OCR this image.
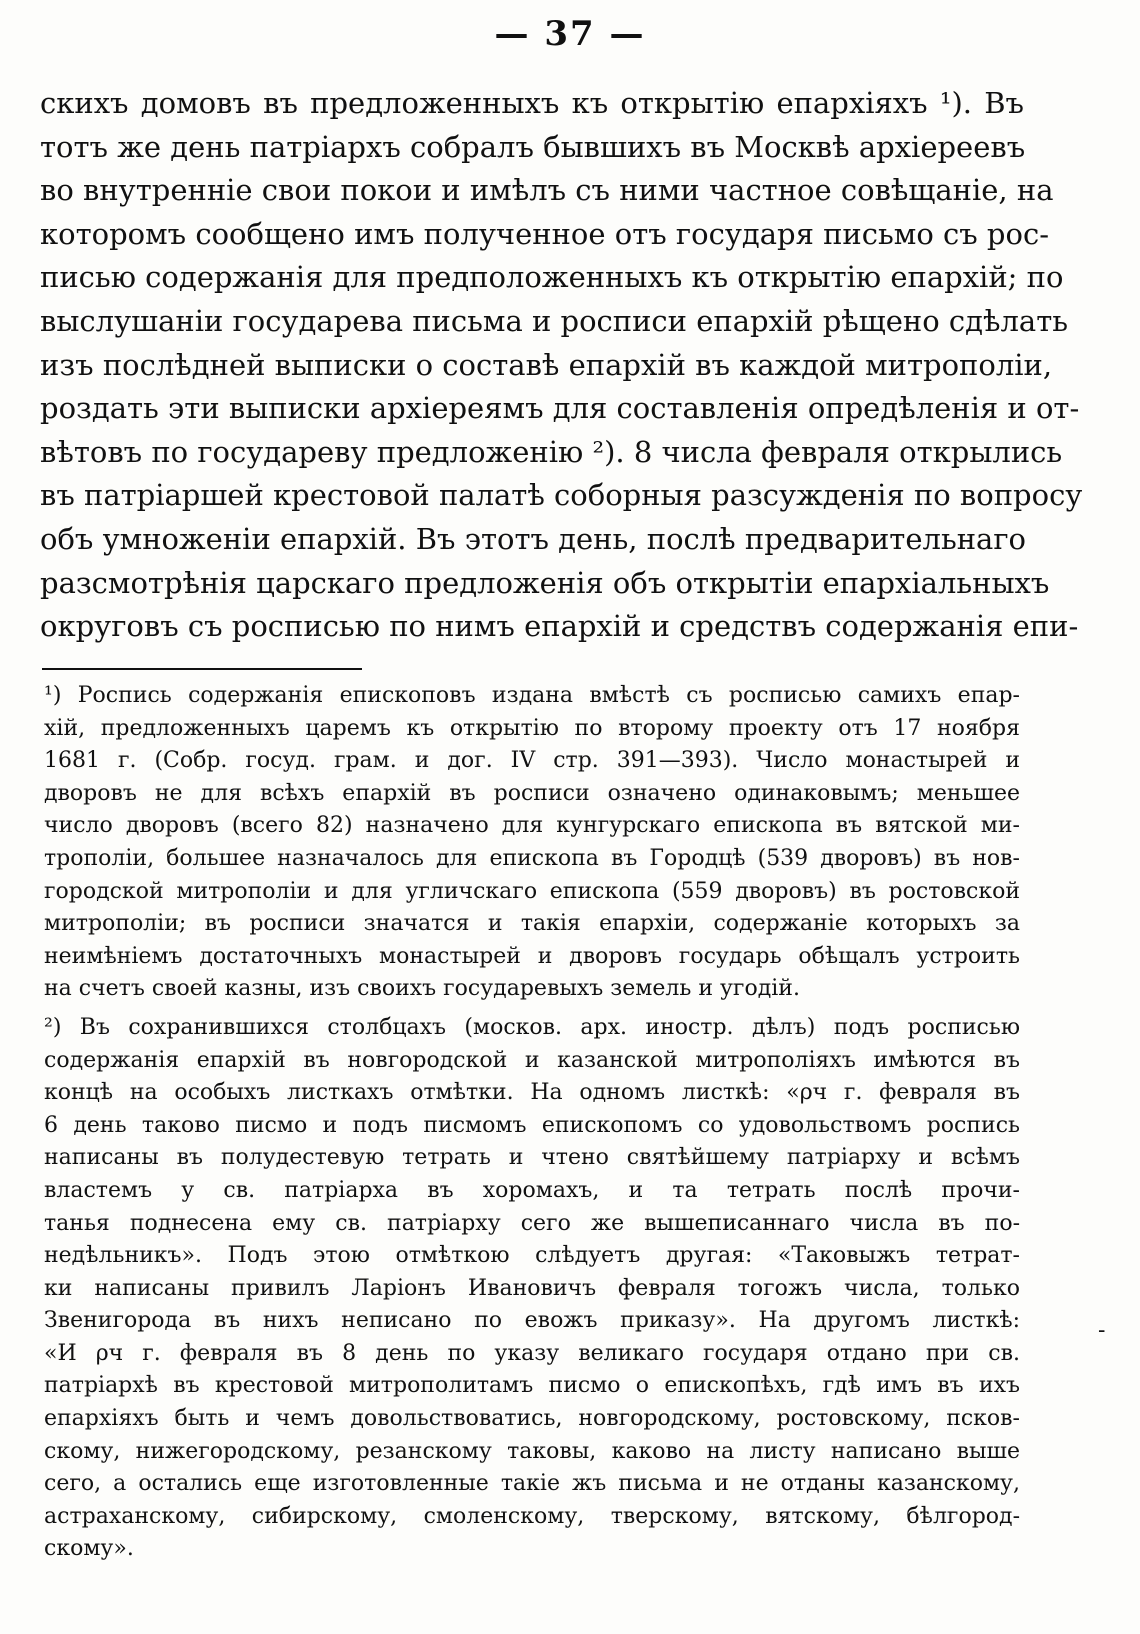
— 37 —
скихъ домовъ въ предложенныхъ къ открытію епархіяхъ ¹). Въ
тотъ же день патріархъ собралъ бывшихъ въ Москвѣ архіереевъ
во внутренніе свои покои и имѣлъ съ ними частное совѣщаніе, на
которомъ сообщено имъ полученное отъ государя письмо съ рос-
писью содержанія для предположенныхъ къ открытію епархій; по
выслушаніи государева письма и росписи епархій рѣщено сдѣлать
изъ послѣдней выписки о составѣ епархій въ каждой митрополіи,
роздать эти выписки архіереямъ для составленія опредѣленія и от-
вѣтовъ по государеву предложенію ²). 8 числа февраля открылись
въ патріаршей крестовой палатѣ соборныя разсужденія по вопросу
объ умноженіи епархій. Въ этотъ день, послѣ предварительнаго
разсмотрѣнія царскаго предложенія объ открытіи епархіальныхъ
округовъ съ росписью по нимъ епархій и средствъ содержанія епи-
¹) Роспись содержанія епископовъ издана вмѣстѣ съ росписью самихъ епар-
хій, предложенныхъ царемъ къ открытію по второму проекту отъ 17 ноября
1681 г. (Собр. госуд. грам. и дог. IV стр. 391—393). Число монастырей и
дворовъ не для всѣхъ епархій въ росписи означено одинаковымъ; меньшее
число дворовъ (всего 82) назначено для кунгурскаго епископа въ вятской ми-
трополіи, большее назначалось для епископа въ Городцѣ (539 дворовъ) въ нов-
городской митрополіи и для угличскаго епископа (559 дворовъ) въ ростовской
митрополіи; въ росписи значатся и такія епархіи, содержаніе которыхъ за
неимѣніемъ достаточныхъ монастырей и дворовъ государь обѣщалъ устроить
на счетъ своей казны, изъ своихъ государевыхъ земель и угодій.
²) Въ сохранившихся столбцахъ (москов. арх. иностр. дѣлъ) подъ росписью
содержанія епархій въ новгородской и казанской митрополіяхъ имѣются въ
концѣ на особыхъ листкахъ отмѣтки. На одномъ листкѣ: «ρч г. февраля въ
6 день таково писмо и подъ писмомъ епископомъ со удовольствомъ роспись
написаны въ полудестевую тетрать и чтено святѣйшему патріарху и всѣмъ
властемъ у св. патріарха въ хоромахъ, и та тетрать послѣ прочи-
танья поднесена ему св. патріарху сего же вышеписаннаго числа въ по-
недѣльникъ». Подъ этою отмѣткою слѣдуетъ другая: «Таковыжъ тетрат-
ки написаны привилъ Ларіонъ Ивановичъ февраля тогожъ числа, только
Звенигорода въ нихъ неписано по евожъ приказу». На другомъ листкѣ:
«И ρч г. февраля въ 8 день по указу великаго государя отдано при св.
патріархѣ въ крестовой митрополитамъ писмо о епископѣхъ, гдѣ имъ въ ихъ
епархіяхъ быть и чемъ довольствоватись, новгородскому, ростовскому, псков-
скому, нижегородскому, резанскому таковы, каково на листу написано выше
сего, а остались еще изготовленные такіе жъ письма и не отданы казанскому,
астраханскому, сибирскому, смоленскому, тверскому, вятскому, бѣлгород-
скому».
-
